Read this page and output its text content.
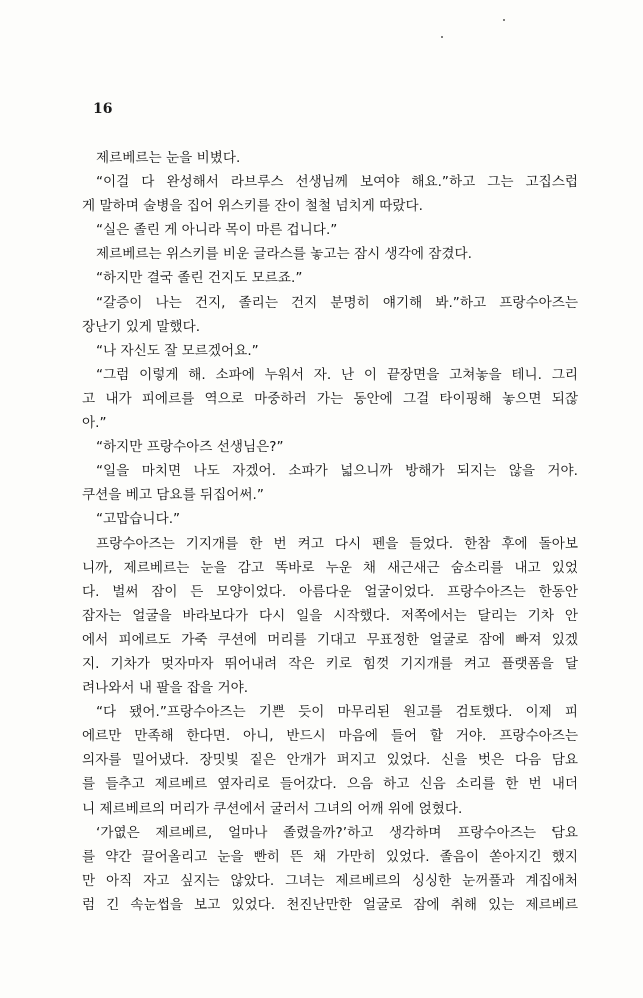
16
제르베르는 눈을 비볐다.
“이걸 다 완성해서 라브루스 선생님께 보여야 해요.”하고 그는 고집스럽
게 말하며 술병을 집어 위스키를 잔이 철철 넘치게 따랐다.
“실은 졸린 게 아니라 목이 마른 겁니다.”
제르베르는 위스키를 비운 글라스를 놓고는 잠시 생각에 잠겼다.
“하지만 결국 졸린 건지도 모르죠.”
“갈증이 나는 건지, 졸리는 건지 분명히 얘기해 봐.”하고 프랑수아즈는
장난기 있게 말했다.
“나 자신도 잘 모르겠어요.”
“그럼 이렇게 해. 소파에 누워서 자. 난 이 끝장면을 고쳐놓을 테니. 그리
고 내가 피에르를 역으로 마중하러 가는 동안에 그걸 타이핑해 놓으면 되잖
아.”
“하지만 프랑수아즈 선생님은?”
“일을 마치면 나도 자겠어. 소파가 넓으니까 방해가 되지는 않을 거야.
쿠션을 베고 담요를 뒤집어써.”
“고맙습니다.”
프랑수아즈는 기지개를 한 번 켜고 다시 펜을 들었다. 한참 후에 돌아보
니까, 제르베르는 눈을 감고 똑바로 누운 채 새근새근 숨소리를 내고 있었
다. 벌써 잠이 든 모양이었다. 아름다운 얼굴이었다. 프랑수아즈는 한동안
잠자는 얼굴을 바라보다가 다시 일을 시작했다. 저쪽에서는 달리는 기차 안
에서 피에르도 가죽 쿠션에 머리를 기대고 무표정한 얼굴로 잠에 빠져 있겠
지. 기차가 멎자마자 뛰어내려 작은 키로 힘껏 기지개를 켜고 플랫폼을 달
려나와서 내 팔을 잡을 거야.
“다 됐어.”프랑수아즈는 기쁜 듯이 마무리된 원고를 검토했다. 이제 피
에르만 만족해 한다면. 아니, 반드시 마음에 들어 할 거야. 프랑수아즈는
의자를 밀어냈다. 장밋빛 짙은 안개가 퍼지고 있었다. 신을 벗은 다음 담요
를 들추고 제르베르 옆자리로 들어갔다. 으음 하고 신음 소리를 한 번 내더
니 제르베르의 머리가 쿠션에서 굴러서 그녀의 어깨 위에 얹혔다.
‘가엾은 제르베르, 얼마나 졸렸을까?’하고 생각하며 프랑수아즈는 담요
를 약간 끌어올리고 눈을 빤히 뜬 채 가만히 있었다. 졸음이 쏟아지긴 했지
만 아직 자고 싶지는 않았다. 그녀는 제르베르의 싱싱한 눈꺼풀과 계집애처
럼 긴 속눈썹을 보고 있었다. 천진난만한 얼굴로 잠에 취해 있는 제르베르
